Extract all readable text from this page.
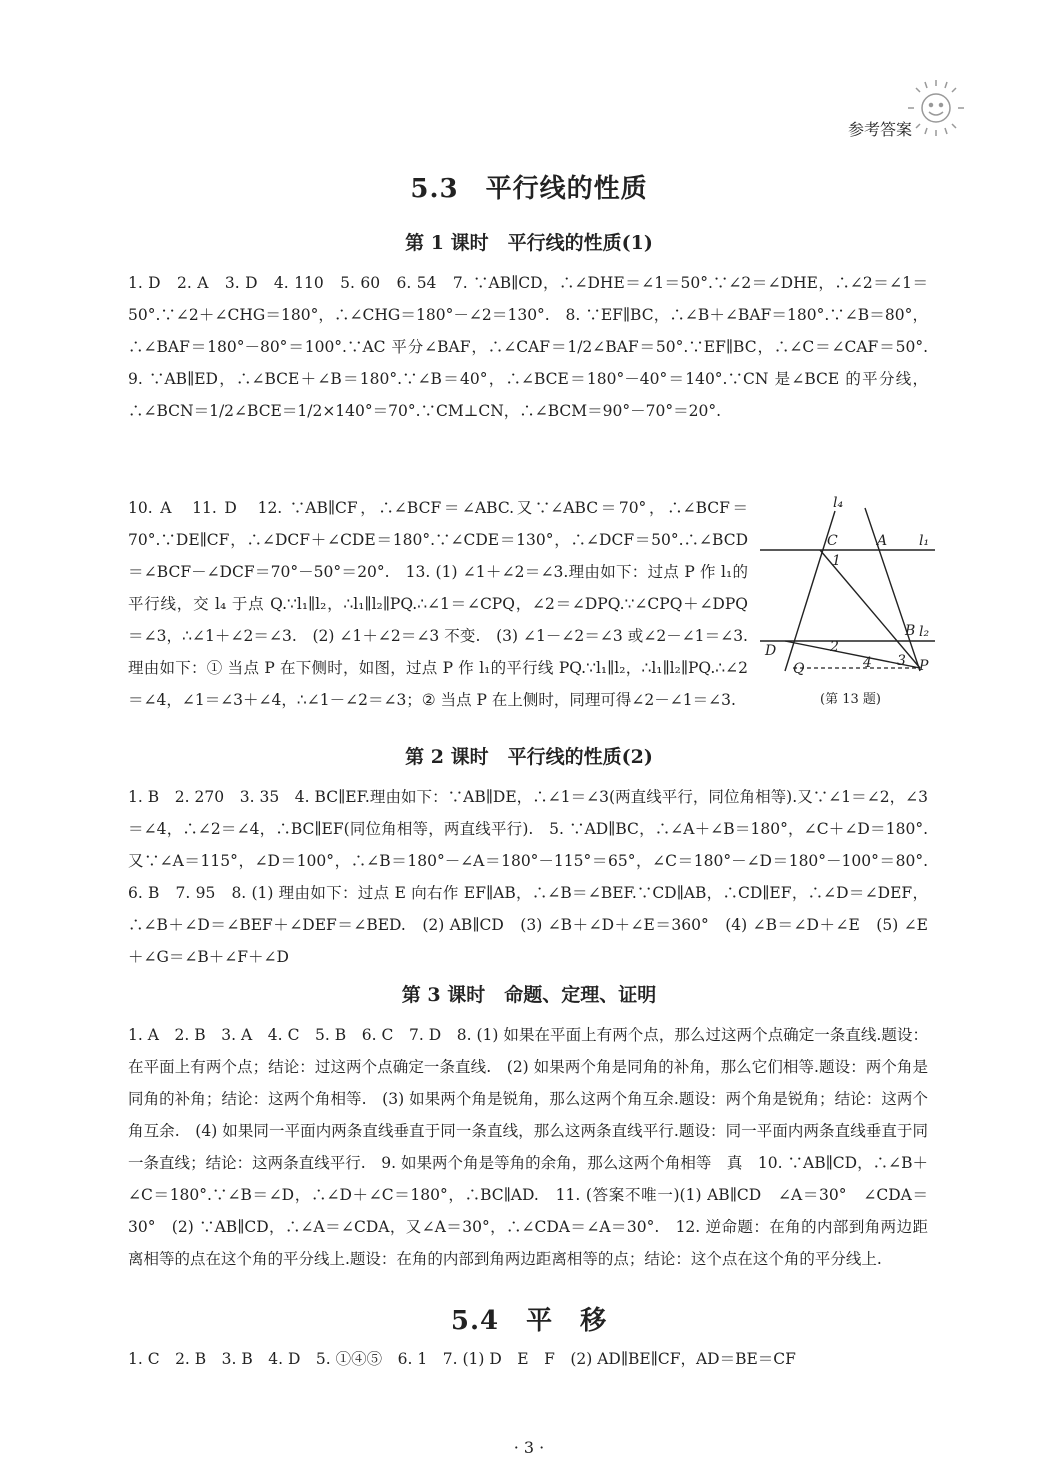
参考答案
5.3　平行线的性质
第 1 课时　平行线的性质(1)

1. D　2. A　3. D　4. 110　5. 60　6. 54　7. ∵AB∥CD，∴∠DHE＝∠1＝50°.∵∠2＝∠DHE，∴∠2＝∠1＝50°.∵∠2＋∠CHG＝180°，∴∠CHG＝180°－∠2＝130°.　8. ∵EF∥BC，∴∠B＋∠BAF＝180°.∵∠B＝80°，∴∠BAF＝180°－80°＝100°.∵AC 平分∠BAF，∴∠CAF＝1/2∠BAF＝50°.∵EF∥BC，∴∠C＝∠CAF＝50°.　9. ∵AB∥ED，∴∠BCE＋∠B＝180°.∵∠B＝40°，∴∠BCE＝180°－40°＝140°.∵CN 是∠BCE 的平分线，∴∠BCN＝1/2∠BCE＝1/2×140°＝70°.∵CM⊥CN，∴∠BCM＝90°－70°＝20°.

10. A　11. D　12. ∵AB∥CF，∴∠BCF＝∠ABC.又∵∠ABC＝70°，∴∠BCF＝70°.∵DE∥CF，∴∠DCF＋∠CDE＝180°.∵∠CDE＝130°，∴∠DCF＝50°.∴∠BCD＝∠BCF－∠DCF＝70°－50°＝20°.　13. (1) ∠1＋∠2＝∠3.理由如下：过点 P 作 l₁的平行线，交 l₄ 于点 Q.∵l₁∥l₂，∴l₁∥l₂∥PQ.∴∠1＝∠CPQ，∠2＝∠DPQ.∵∠CPQ＋∠DPQ＝∠3，∴∠1＋∠2＝∠3.　(2) ∠1＋∠2＝∠3 不变.　(3) ∠1－∠2＝∠3 或∠2－∠1＝∠3.理由如下：① 当点 P 在下侧时，如图，过点 P 作 l₁的平行线 PQ.∵l₁∥l₂，∴l₁∥l₂∥PQ.∴∠2＝∠4，∠1＝∠3＋∠4，∴∠1－∠2＝∠3；② 当点 P 在上侧时，同理可得∠2－∠1＝∠3.

l₄
l₁
l₂
C	A
B
D
Q	P
1
2
3
4
(第 13 题)
第 2 课时　平行线的性质(2)

1. B　2. 270　3. 35　4. BC∥EF.理由如下：∵AB∥DE，∴∠1＝∠3(两直线平行，同位角相等).又∵∠1＝∠2，∠3＝∠4，∴∠2＝∠4，∴BC∥EF(同位角相等，两直线平行).　5. ∵AD∥BC，∴∠A＋∠B＝180°，∠C＋∠D＝180°.又∵∠A＝115°，∠D＝100°，∴∠B＝180°－∠A＝180°－115°＝65°，∠C＝180°－∠D＝180°－100°＝80°.　6. B　7. 95　8. (1) 理由如下：过点 E 向右作 EF∥AB，∴∠B＝∠BEF.∵CD∥AB，∴CD∥EF，∴∠D＝∠DEF，∴∠B＋∠D＝∠BEF＋∠DEF＝∠BED.　(2) AB∥CD　(3) ∠B＋∠D＋∠E＝360°　(4) ∠B＝∠D＋∠E　(5) ∠E＋∠G＝∠B＋∠F＋∠D

第 3 课时　命题、定理、证明

1. A　2. B　3. A　4. C　5. B　6. C　7. D　8. (1) 如果在平面上有两个点，那么过这两个点确定一条直线.题设：在平面上有两个点；结论：过这两个点确定一条直线.　(2) 如果两个角是同角的补角，那么它们相等.题设：两个角是同角的补角；结论：这两个角相等.　(3) 如果两个角是锐角，那么这两个角互余.题设：两个角是锐角；结论：这两个角互余.　(4) 如果同一平面内两条直线垂直于同一条直线，那么这两条直线平行.题设：同一平面内两条直线垂直于同一条直线；结论：这两条直线平行.　9. 如果两个角是等角的余角，那么这两个角相等　真　10. ∵AB∥CD，∴∠B＋∠C＝180°.∵∠B＝∠D，∴∠D＋∠C＝180°，∴BC∥AD.　11. (答案不唯一)(1) AB∥CD　∠A＝30°　∠CDA＝30°　(2) ∵AB∥CD，∴∠A＝∠CDA，又∠A＝30°，∴∠CDA＝∠A＝30°.　12. 逆命题：在角的内部到角两边距离相等的点在这个角的平分线上.题设：在角的内部到角两边距离相等的点；结论：这个点在这个角的平分线上.

5.4　平　移

1. C　2. B　3. B　4. D　5. ①④⑤　6. 1　7. (1) D　E　F　(2) AD∥BE∥CF，AD＝BE＝CF

· 3 ·
